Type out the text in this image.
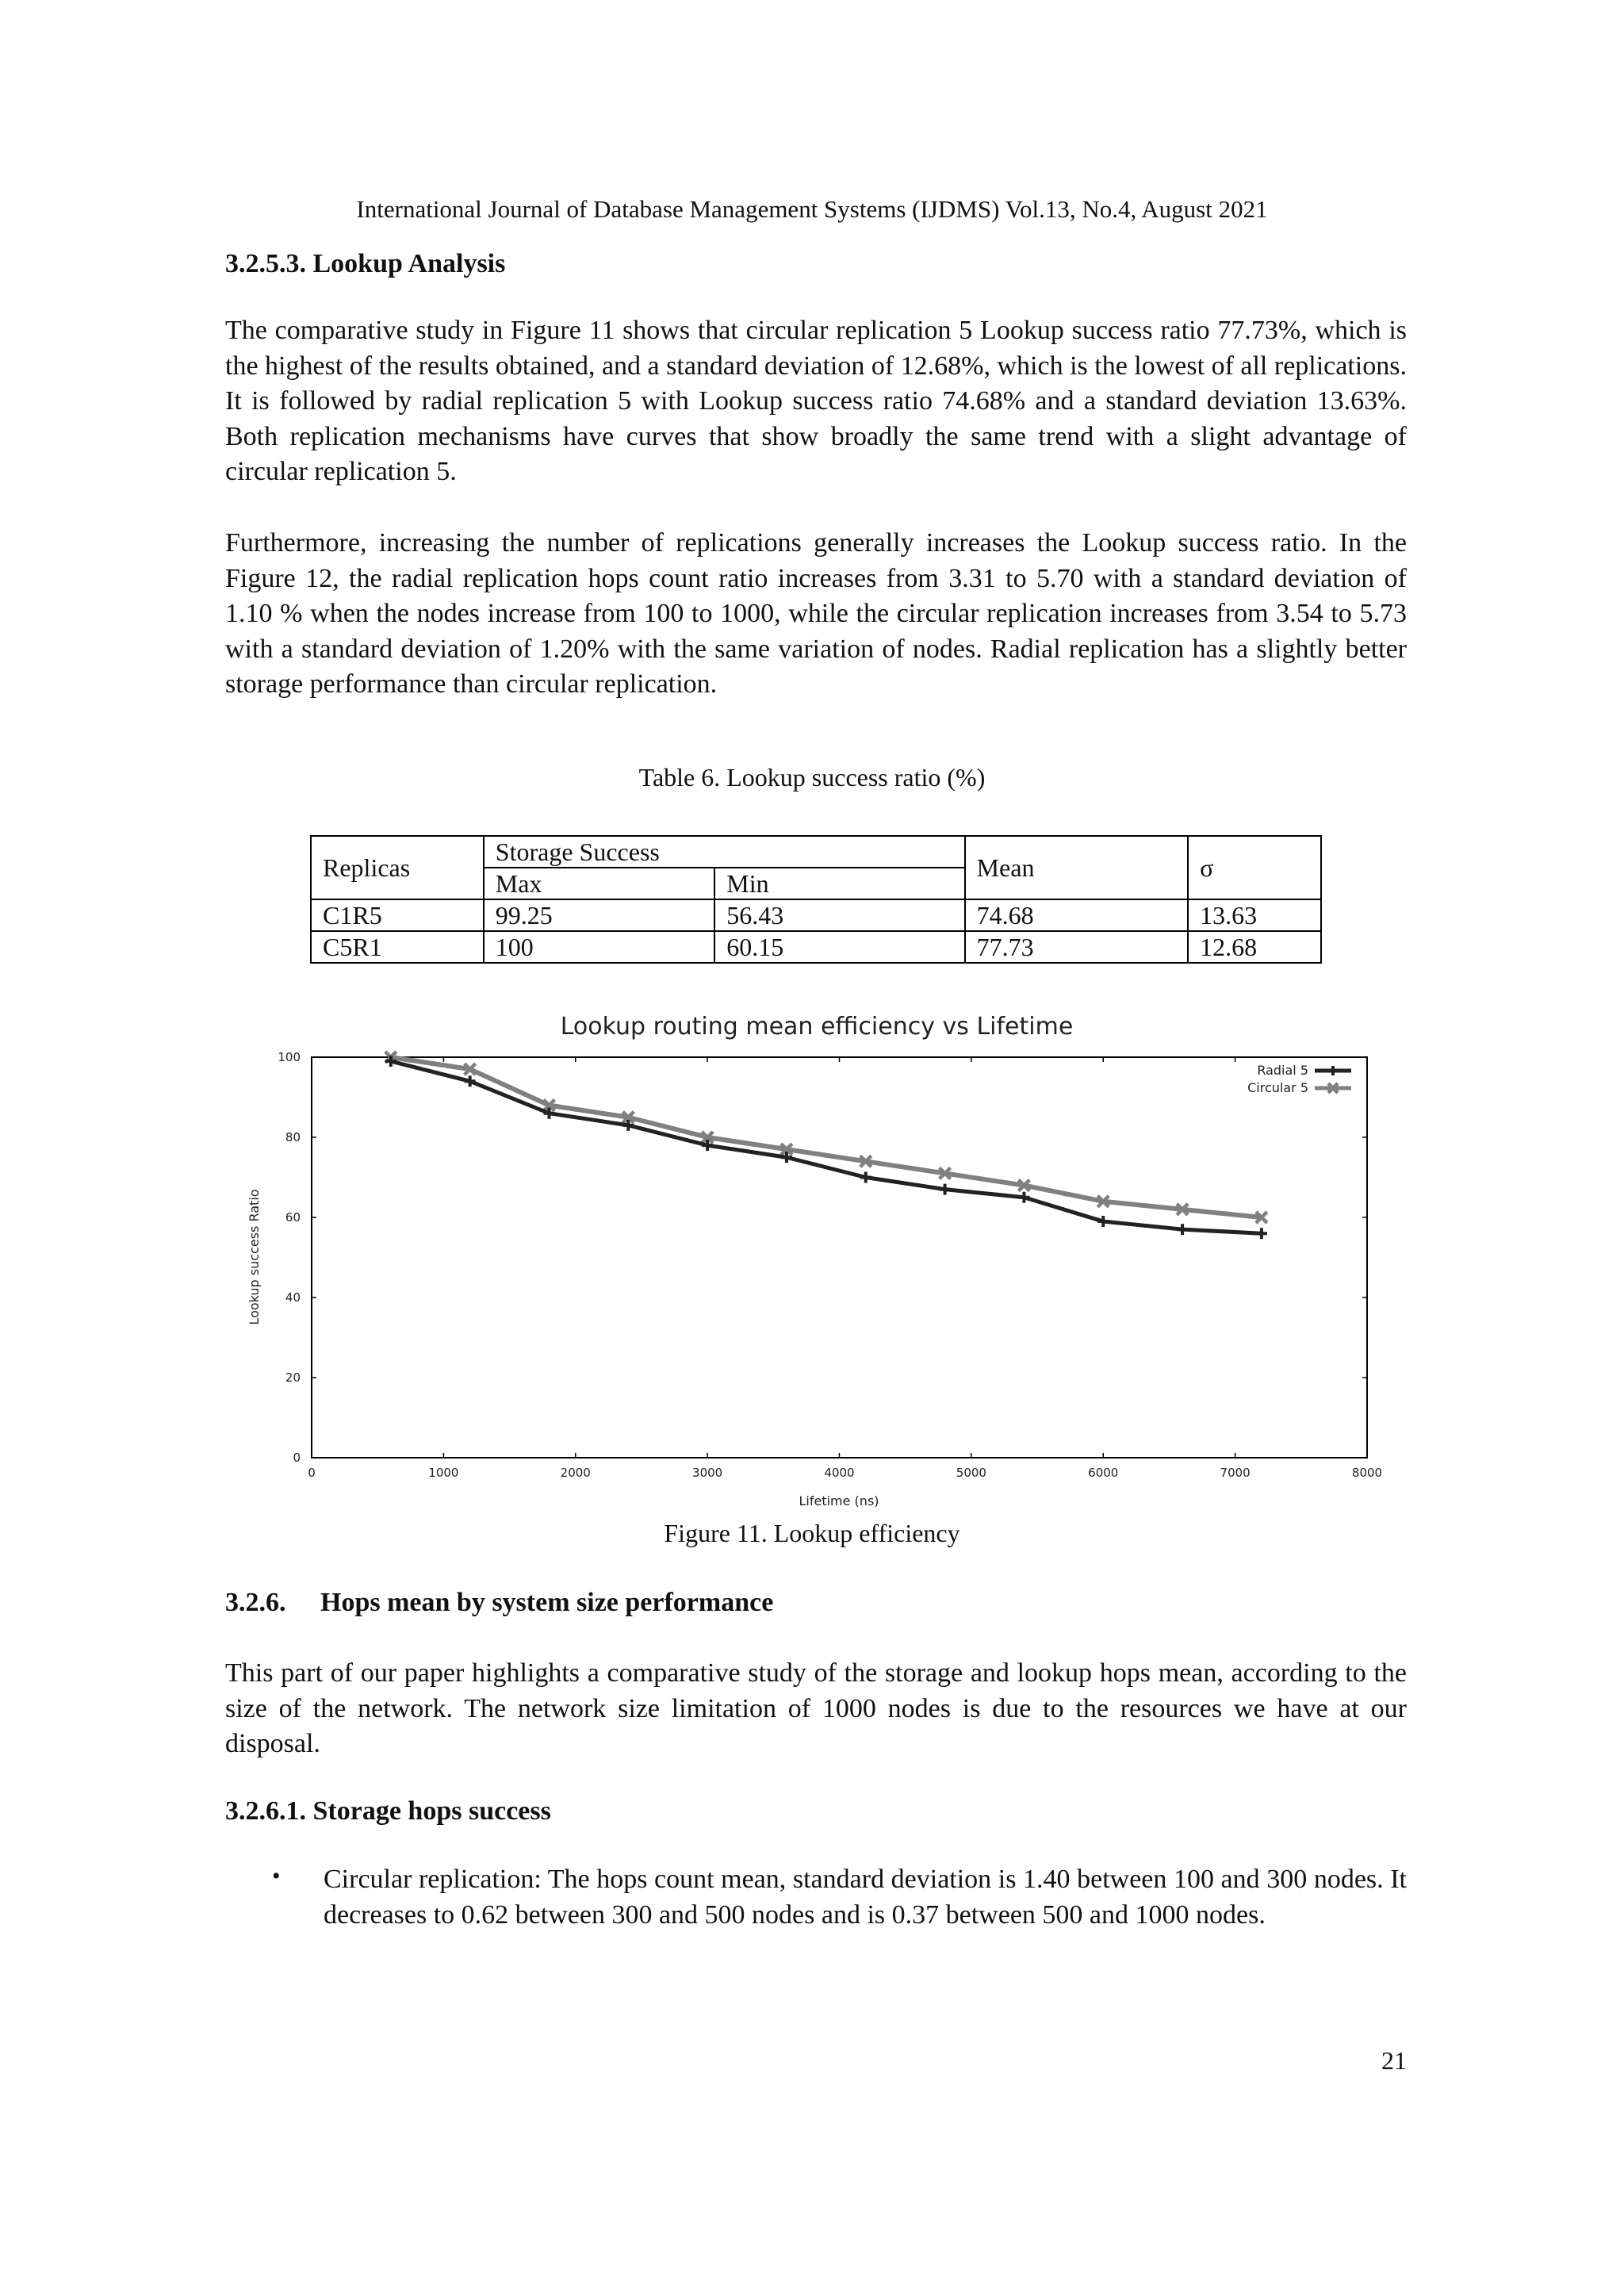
International Journal of Database Management Systems (IJDMS) Vol.13, No.4, August 2021
3.2.5.3. Lookup Analysis
The comparative study in Figure 11 shows that circular replication 5 Lookup success ratio 77.73%, which is the highest of the results obtained, and a standard deviation of 12.68%, which is the lowest of all replications. It is followed by radial replication 5 with Lookup success ratio 74.68% and a standard deviation 13.63%. Both replication mechanisms have curves that show broadly the same trend with a slight advantage of circular replication 5.
Furthermore, increasing the number of replications generally increases the Lookup success ratio. In the Figure 12, the radial replication hops count ratio increases from 3.31 to 5.70 with a standard deviation of 1.10 % when the nodes increase from 100 to 1000, while the circular replication increases from 3.54 to 5.73 with a standard deviation of 1.20% with the same variation of nodes. Radial replication has a slightly better storage performance than circular replication.
Table 6. Lookup success ratio (%)
Replicas	Storage Success		Mean	σ
	Max	Min		
C1R5	99.25	56.43	74.68	13.63
C5R1	100	60.15	77.73	12.68
Lookup routing mean efficiency vs Lifetime
0	1000	2000	3000	4000	5000	6000	7000	8000
0
20
40
60
80
100
Radial 5
Circular 5
Lifetime (ns)
Lookup success Ratio
Figure 11. Lookup efficiency
3.2.6. Hops mean by system size performance
This part of our paper highlights a comparative study of the storage and lookup hops mean, according to the size of the network. The network size limitation of 1000 nodes is due to the resources we have at our disposal.
3.2.6.1. Storage hops success
• Circular replication: The hops count mean, standard deviation is 1.40 between 100 and 300 nodes. It decreases to 0.62 between 300 and 500 nodes and is 0.37 between 500 and 1000 nodes.
21
